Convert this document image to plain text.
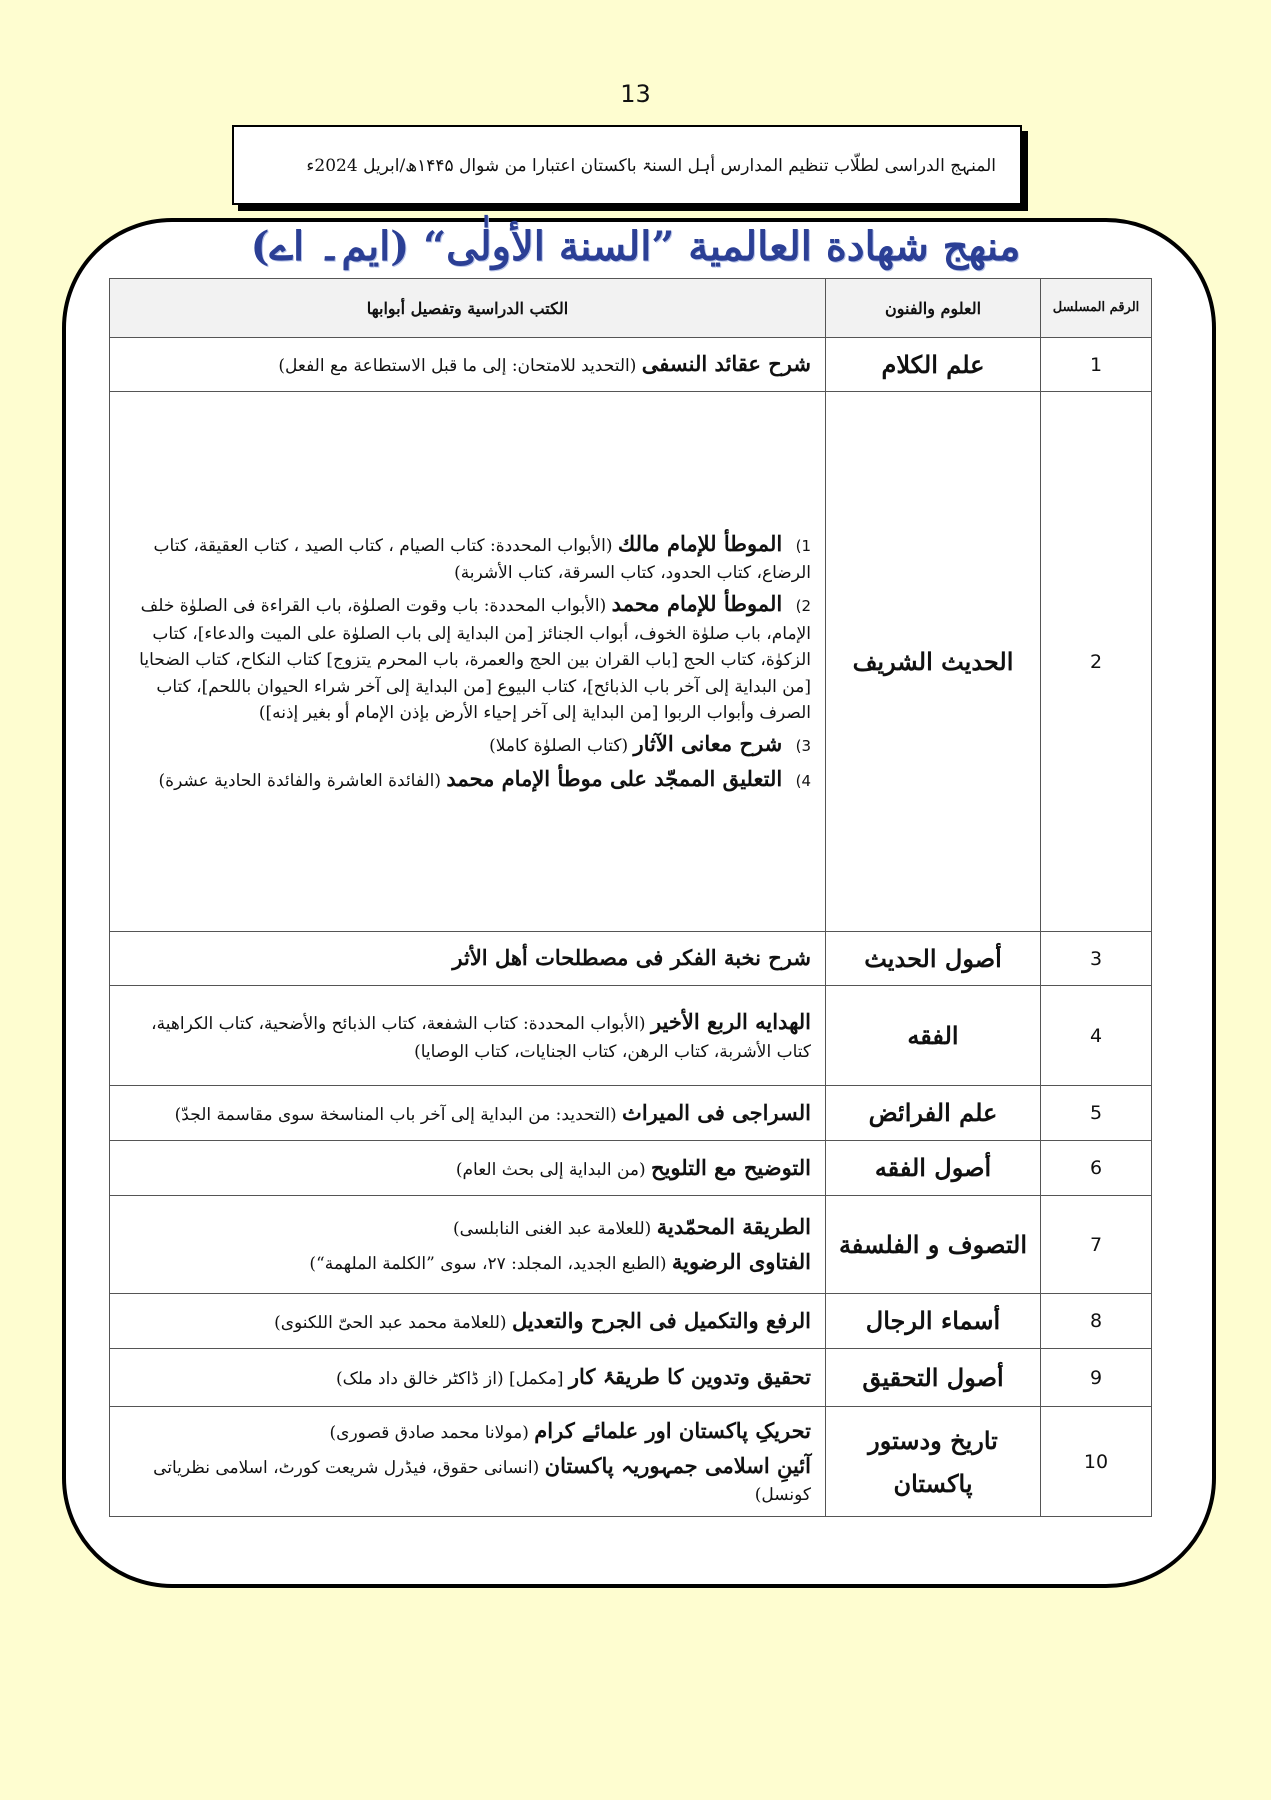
13
المنہج الدراسی لطلّاب تنظیم المدارس أہل السنۃ باکستان اعتبارا من شوال ۱۴۴۵ھ/ابریل 2024ء
منهج شهادة العالمية ”السنة الأولٰى“ (ایم۔ اے)
الرقم المسلسل	العلوم والفنون	الکتب الدراسیة وتفصیل أبوابها
1	علم الکلام	شرح عقائد النسفی (التحدید للامتحان: إلی ما قبل الاستطاعة مع الفعل)

2	الحدیث الشریف	1) الموطأ للإمام مالك (الأبواب المحددة: کتاب الصیام ، کتاب الصید ، کتاب العقیقة، کتاب الرضاع، کتاب الحدود، کتاب السرقة، کتاب الأشربة)
2) الموطأ للإمام محمد (الأبواب المحددة: باب وقوت الصلوٰة، باب القراءة فی الصلوٰة خلف الإمام، باب صلوٰة الخوف، أبواب الجنائز [من البدایة إلی باب الصلوٰة علی المیت والدعاء]، کتاب الزکوٰة، کتاب الحج [باب القران بین الحج والعمرة، باب المحرم یتزوج] کتاب النکاح، کتاب الضحایا [من البدایة إلی آخر باب الذبائح]، کتاب البیوع [من البدایة إلی آخر شراء الحیوان باللحم]، کتاب الصرف وأبواب الربوا [من البدایة إلی آخر إحیاء الأرض بإذن الإمام أو بغیر إذنه])
3) شرح معانی الآثار (کتاب الصلوٰة کاملا)
4) التعلیق الممجّد علی موطأ الإمام محمد (الفائدة العاشرة والفائدة الحادیة عشرة)

3	أصول الحدیث	شرح نخبة الفکر فی مصطلحات أهل الأثر

4	الفقه	الهدایه الربع الأخیر (الأبواب المحددة: کتاب الشفعة، کتاب الذبائح والأضحیة، کتاب الکراهیة، کتاب الأشربة، کتاب الرهن، کتاب الجنایات، کتاب الوصایا)

5	علم الفرائض	السراجی فی المیراث (التحدید: من البدایة إلی آخر باب المناسخة سوی مقاسمة الجدّ)

6	أصول الفقه	التوضیح مع التلویح (من البدایة إلی بحث العام)

7	التصوف و الفلسفة	الطریقة المحمّدیة (للعلامة عبد الغنی النابلسی)
الفتاوی الرضویة (الطبع الجدید، المجلد: ۲۷، سوی ”الکلمة الملهمة“)

8	أسماء الرجال	الرفع والتکمیل فی الجرح والتعدیل (للعلامة محمد عبد الحیّ اللکنوی)

9	أصول التحقیق	تحقیق وتدوین کا طریقۂ کار [مکمل] (از ڈاکٹر خالق داد ملک)

10	تاریخ ودستور پاکستان	تحریکِ پاکستان اور علمائے کرام (مولانا محمد صادق قصوری)
آئینِ اسلامی جمہوریہ پاکستان (انسانی حقوق، فیڈرل شریعت کورٹ، اسلامی نظریاتی کونسل)
